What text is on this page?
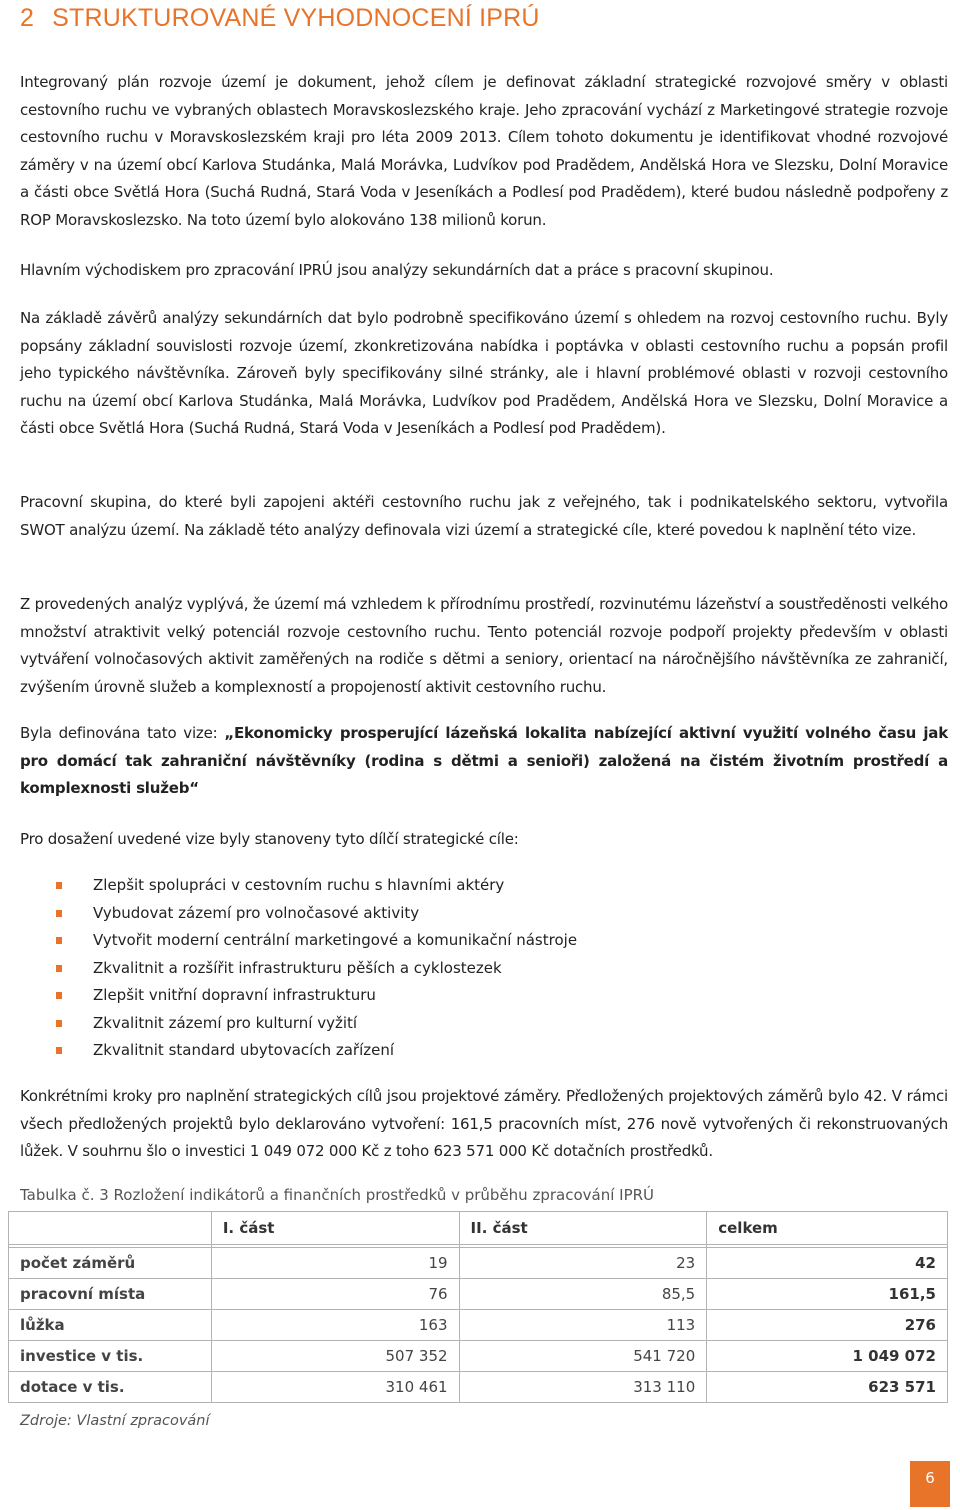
2 STRUKTUROVANÉ VYHODNOCENÍ IPRÚ

Integrovaný plán rozvoje území je dokument, jehož cílem je definovat základní strategické rozvojové směry v oblasti cestovního ruchu ve vybraných oblastech Moravskoslezského kraje. Jeho zpracování vychází z Marketingové strategie rozvoje cestovního ruchu v Moravskoslezském kraji pro léta 2009 2013. Cílem tohoto dokumentu je identifikovat vhodné rozvojové záměry v na území obcí Karlova Studánka, Malá Morávka, Ludvíkov pod Pradědem, Andělská Hora ve Slezsku, Dolní Moravice a části obce Světlá Hora (Suchá Rudná, Stará Voda v Jeseníkách a Podlesí pod Pradědem), které budou následně podpořeny z ROP Moravskoslezsko. Na toto území bylo alokováno 138 milionů korun.

Hlavním východiskem pro zpracování IPRÚ jsou analýzy sekundárních dat a práce s pracovní skupinou.

Na základě závěrů analýzy sekundárních dat bylo podrobně specifikováno území s ohledem na rozvoj cestovního ruchu. Byly popsány základní souvislosti rozvoje území, zkonkretizována nabídka i poptávka v oblasti cestovního ruchu a popsán profil jeho typického návštěvníka. Zároveň byly specifikovány silné stránky, ale i hlavní problémové oblasti v rozvoji cestovního ruchu na území obcí Karlova Studánka, Malá Morávka, Ludvíkov pod Pradědem, Andělská Hora ve Slezsku, Dolní Moravice a části obce Světlá Hora (Suchá Rudná, Stará Voda v Jeseníkách a Podlesí pod Pradědem).

Pracovní skupina, do které byli zapojeni aktéři cestovního ruchu jak z veřejného, tak i podnikatelského sektoru, vytvořila SWOT analýzu území. Na základě této analýzy definovala vizi území a strategické cíle, které povedou k naplnění této vize.

Z provedených analýz vyplývá, že území má vzhledem k přírodnímu prostředí, rozvinutému lázeňství a soustředěnosti velkého množství atraktivit velký potenciál rozvoje cestovního ruchu. Tento potenciál rozvoje podpoří projekty především v oblasti vytváření volnočasových aktivit zaměřených na rodiče s dětmi a seniory, orientací na náročnějšího návštěvníka ze zahraničí, zvýšením úrovně služeb a komplexností a propojeností aktivit cestovního ruchu.

Byla definována tato vize: „Ekonomicky prosperující lázeňská lokalita nabízející aktivní využití volného času jak pro domácí tak zahraniční návštěvníky (rodina s dětmi a senioři) založená na čistém životním prostředí a komplexnosti služeb“

Pro dosažení uvedené vize byly stanoveny tyto dílčí strategické cíle:

Zlepšit spolupráci v cestovním ruchu s hlavními aktéry
Vybudovat zázemí pro volnočasové aktivity
Vytvořit moderní centrální marketingové a komunikační nástroje
Zkvalitnit a rozšířit infrastrukturu pěších a cyklostezek
Zlepšit vnitřní dopravní infrastrukturu
Zkvalitnit zázemí pro kulturní vyžití
Zkvalitnit standard ubytovacích zařízení

Konkrétními kroky pro naplnění strategických cílů jsou projektové záměry. Předložených projektových záměrů bylo 42. V rámci všech předložených projektů bylo deklarováno vytvoření: 161,5 pracovních míst, 276 nově vytvořených či rekonstruovaných lůžek. V souhrnu šlo o investici 1 049 072 000 Kč z toho 623 571 000 Kč dotačních prostředků.

Tabulka č. 3 Rozložení indikátorů a finančních prostředků v průběhu zpracování IPRÚ
	I. část	II. část	celkem

počet záměrů	19	23	42
pracovní místa	76	85,5	161,5
lůžka	163	113	276
investice v tis.	507 352	541 720	1 049 072
dotace v tis.	310 461	313 110	623 571
Zdroje: Vlastní zpracování
6
